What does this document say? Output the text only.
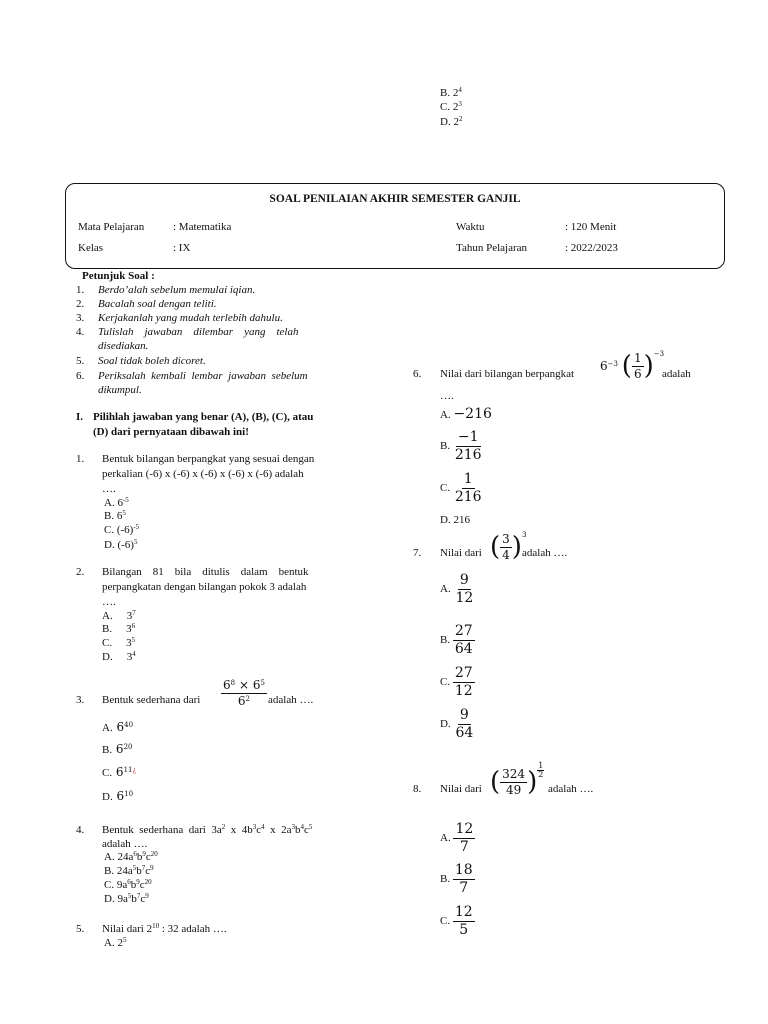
B. $2^4$
C. $2^3$
D. $2^2$
SOAL PENILAIAN AKHIR SEMESTER GANJIL
Mata Pelajaran	: Matematika
Kelas	: IX
Waktu	: 120 Menit
Tahun Pelajaran	: 2022/2023
Petunjuk Soal :
1. Berdo’alah sebelum memulai iqian.
2. Bacalah soal dengan teliti.
3. Kerjakanlah yang mudah terlebih dahulu.
4. Tulislah    jawaban    dilembar    yang    telah
disediakan.
5. Soal tidak boleh dicoret.
6. Periksalah  kembali  lembar  jawaban  sebelum
dikumpul.
I. Pilihlah jawaban yang benar (A), (B), (C), atau
(D) dari pernyataan dibawah ini!
1. Bentuk bilangan berpangkat yang sesuai dengan
perkalian (-6) x (-6) x (-6) x (-6) x (-6) adalah
….
A. $6^{-5}$
B. $6^5$
C. $(-6)^{-5}$
D. $(-6)^5$
2. Bilangan    81    bila    ditulis    dalam    bentuk
perpangkatan dengan bilangan pokok 3 adalah
….
A. $3^7$
B. $3^6$
C. $3^5$
D. $3^4$
3. Bentuk sederhana dari $\frac{6^8 \times 6^5}{6^2}$ adalah ….
A. $6^{40}$
B. $6^{20}$
C. $6^{11¿}$
D. $6^{10}$
4. Bentuk  sederhana  dari  $3a^2$  x  $4b^3c^4$  x  $2a^3b^4c^5$
adalah ….
A. $24a^6b^9c^{20}$
B. $24a^5b^7c^9$
C. $9a^6b^9c^{20}$
D. $9a^5b^7c^9$
5. Nilai dari $2^{10}$ : 32 adalah ….
A. $2^5$
6. Nilai dari bilangan berpangkat
$6^{-3}$ ( $\frac{1}{6} )^{-3}$
adalah
….
A. −216
B. $\frac{-1}{216}$
C. $\frac{1}{216}$
D. 216
7. Nilai dari ( $\frac{3}{4} )^3$
adalah ….
A. $\frac{9}{12}$
B. $\frac{27}{64}$
C. $\frac{27}{12}$
D. $\frac{9}{64}$
8. Nilai dari ( $\frac{324}{49}$ ) $\frac{1}{2}$
adalah ….
A. $\frac{12}{7}$
B. $\frac{18}{7}$
C. $\frac{12}{5}$
